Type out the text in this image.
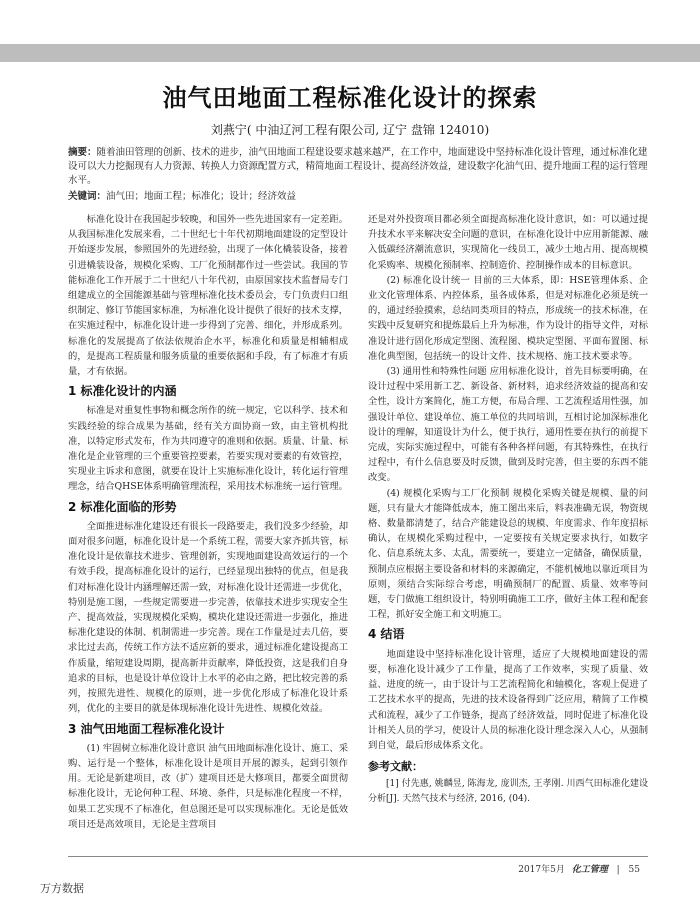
油气田地面工程标准化设计的探索
刘燕宁( 中油辽河工程有限公司, 辽宁 盘锦 124010)
摘要：随着油田管理的创新、技术的进步，油气田地面工程建设要求越来越严，在工作中，地面建设中坚持标准化设计管理，通过标准化建设可以大力挖掘现有人力资源、转换人力资源配置方式，精简地面工程设计、提高经济效益，建设数字化油气田、提升地面工程的运行管理水平。
关键词：油气田；地面工程；标准化；设计；经济效益

标准化设计在我国起步较晚，和国外一些先进国家有一定差距。从我国标准化发展来看，二十世纪七十年代初期地面建设的定型设计开始逐步发展，参照国外的先进经验，出现了一体化橇装设备，接着引进橇装设备，规模化采购、工厂化预制都作过一些尝试。我国的节能标准化工作开展于二十世纪八十年代初，由原国家技术监督局专门组建成立的全国能源基础与管理标准化技术委员会，专门负责归口组织制定、修订节能国家标准，为标准化设计提供了很好的技术支撑，在实施过程中，标准化设计进一步得到了完善、细化，并形成系列。标准化的发展提高了依法依规治企水平，标准化和质量是相辅相成的，是提高工程质量和服务质量的重要依据和手段，有了标准才有质量，才有依据。

1 标准化设计的内涵

标准是对重复性事物和概念所作的统一规定，它以科学、技术和实践经验的综合成果为基础，经有关方面协商一致，由主管机构批准，以特定形式发布，作为共同遵守的准则和依据。质量、计量、标准化是企业管理的三个重要管控要素，若要实现对要素的有效管控，实现业主诉求和意图，就要在设计上实施标准化设计，转化运行管理理念，结合QHSE体系明确管理流程，采用技术标准统一运行管理。

2 标准化面临的形势

全面推进标准化建设还有很长一段路要走，我们没多少经验，却面对很多问题，标准化设计是一个系统工程，需要大家齐抓共管，标准化设计是依靠技术进步、管理创新，实现地面建设高效运行的一个有效手段，提高标准化设计的运行，已经显现出独特的优点，但是我们对标准化设计内涵理解还需一致，对标准化设计还需进一步优化，特别是施工图，一些规定需要进一步完善，依靠技术进步实现安全生产、提高效益，实现规模化采购，模块化建设还需进一步强化，推进标准化建设的体制、机制需进一步完善。现在工作量是过去几倍，要求比过去高，传统工作方法不适应新的要求，通过标准化建设提高工作质量，缩短建设周期，提高新井贡献率，降低投资，这是我们自身追求的目标，也是设计单位设计上水平的必由之路，把比较完善的系列，按照先进性、规模化的原则，进一步优化形成了标准化设计系列，优化的主要目的就是体现标准化设计先进性、规模化效益。

3 油气田地面工程标准化设计

(1) 牢固树立标准化设计意识 油气田地面标准化设计、施工、采购、运行是一个整体，标准化设计是项目开展的源头，起到引领作用。无论是新建项目，改（扩）建项目还是大修项目，都要全面贯彻标准化设计，无论何种工程、环境、条件，只是标准化程度一不样，如果工艺实现不了标准化，但总图还是可以实现标准化。无论是低效项目还是高效项目，无论是主营项目

还是对外投资项目都必须全面提高标准化设计意识，如：可以通过提升技术水平来解决安全问题的意识，在标准化设计中应用新能源、融入低碳经济潮流意识，实现简化一线员工，减少土地占用、提高规模化采购率、规模化预制率、控制造价、控制操作成本的目标意识。

(2) 标准化设计统一 目前的三大体系，即：HSE管理体系、企业文化管理体系、内控体系，虽各成体系，但是对标准化必须是统一的，通过经验摸索，总结同类项目的特点，形成统一的技术标准，在实践中反复研究和提炼最后上升为标准，作为设计的指导文件，对标准设计进行固化形成定型图、流程图、模块定型图、平面布置图、标准化典型图，包括统一的设计文件、技术规格、施工技术要求等。

(3) 通用性和特殊性问题 应用标准化设计，首先目标要明确，在设计过程中采用新工艺、新设备、新材料，追求经济效益的提高和安全性，设计方案简化，施工方便，布局合理、工艺流程适用性强，加强设计单位、建设单位、施工单位的共同培训，互相讨论加深标准化设计的理解，知道设计为什么，便于执行，通用性要在执行的前提下完成，实际实施过程中，可能有各种各样问题，有其特殊性，在执行过程中，有什么信息要及时反馈，做到及时完善，但主要的东西不能改变。

(4) 规模化采购与工厂化预制 规模化采购关键是规模、量的问题，只有量大才能降低成本，施工图出来后，料表准确无误，物资规格、数量都清楚了，结合产能建设总的规模、年度需求、作年度招标确认，在规模化采购过程中，一定要按有关规定要求执行，如数字化、信息系统太多、太乱，需要统一，要建立一定储备，确保质量，预制点应根据主要设备和材料的来源确定，不能机械地以靠近项目为原则，须结合实际综合考虑，明确预制厂的配置、质量、效率等问题，专门做施工组织设计，特别明确施工工序，做好主体工程和配套工程，抓好安全施工和文明施工。

4 结语

地面建设中坚持标准化设计管理，适应了大规模地面建设的需要，标准化设计减少了工作量，提高了工作效率，实现了质量、效益、进度的统一，由于设计与工艺流程简化和轴模化，客观上促进了工艺技术水平的提高，先进的技术设备得到广泛应用，精简了工作模式和流程，减少了工作链条，提高了经济效益，同时促进了标准化设计相关人员的学习，使设计人员的标准化设计理念深入人心，从强制到自觉，最后形成体系文化。

参考文献：

[1] 付先惠, 姚麟昱, 陈海龙, 庞训杰, 王孝刚. 川西气田标准化建设分析[J]. 天然气技术与经济, 2016, (04).

2017年5月 化工管理 | 55
万方数据
